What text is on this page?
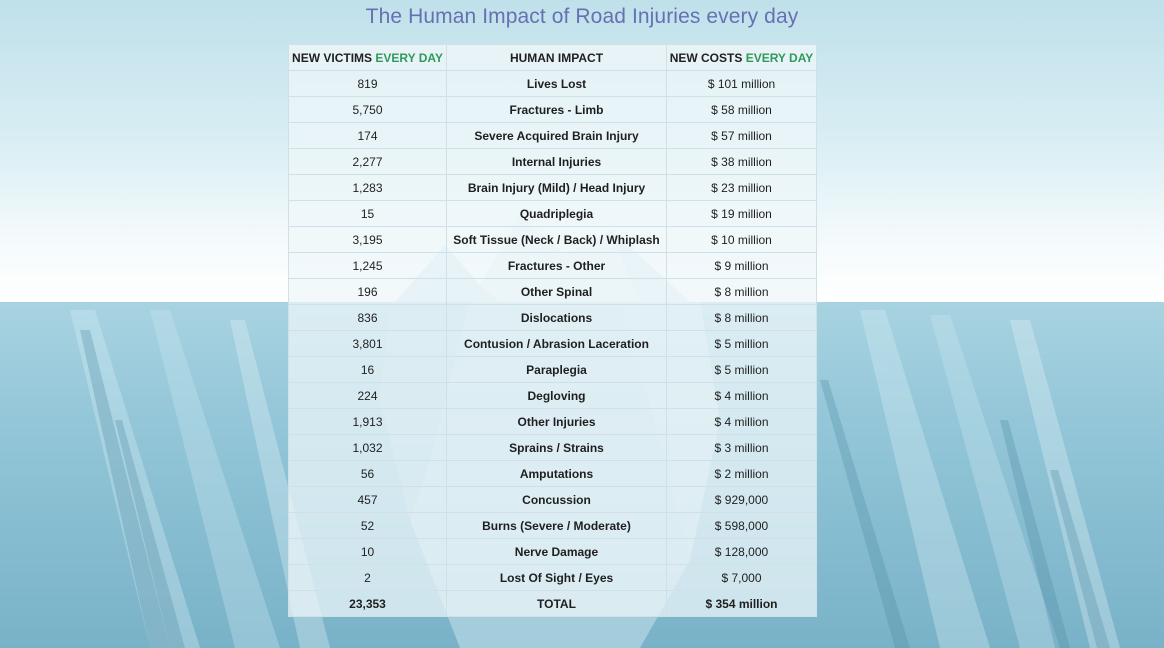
The Human Impact of Road Injuries every day
NEW VICTIMS EVERY DAY	HUMAN IMPACT	NEW COSTS EVERY DAY
819	Lives Lost	$ 101 million
5,750	Fractures - Limb	$ 58 million
174	Severe Acquired Brain Injury	$ 57 million
2,277	Internal Injuries	$ 38 million
1,283	Brain Injury (Mild) / Head Injury	$ 23 million
15	Quadriplegia	$ 19 million
3,195	Soft Tissue (Neck / Back) / Whiplash	$ 10 million
1,245	Fractures - Other	$ 9 million
196	Other Spinal	$ 8 million
836	Dislocations	$ 8 million
3,801	Contusion / Abrasion Laceration	$ 5 million
16	Paraplegia	$ 5 million
224	Degloving	$ 4 million
1,913	Other Injuries	$ 4 million
1,032	Sprains / Strains	$ 3 million
56	Amputations	$ 2 million
457	Concussion	$ 929,000
52	Burns (Severe / Moderate)	$ 598,000
10	Nerve Damage	$ 128,000
2	Lost Of Sight / Eyes	$ 7,000
23,353	TOTAL	$ 354 million
